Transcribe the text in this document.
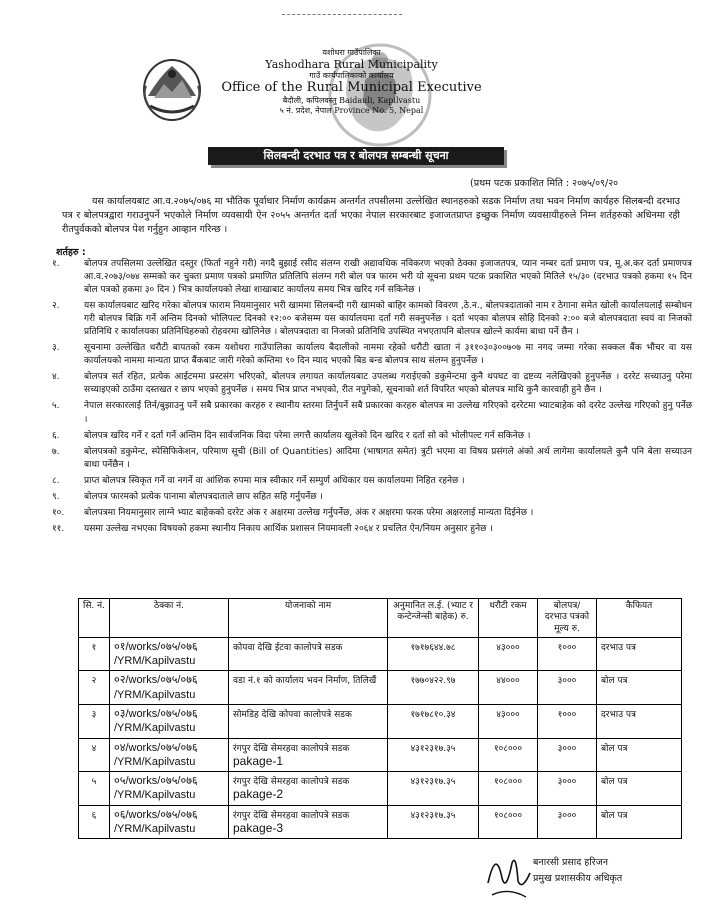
यशोधरा गाउँपालिका
Yashodhara Rural Municipality
गाउँ कार्यपालिकाको कार्यालय
Office of the Rural Municipal Executive
बैदौली, कपिलवस्तु Baidauli, Kapilvastu
५ नं. प्रदेश, नेपाल Province No. 5, Nepal
सिलबन्दी दरभाउ पत्र र बोलपत्र सम्बन्धी सूचना
(प्रथम पटक प्रकाशित मिति : २०७५/०९/२०
यस कार्यालयबाट आ.व.२०७५/०७६ मा भौतिक पूर्वाधार निर्माण कार्यक्रम अन्तर्गत तपसीलमा उल्लेखित स्थानहरुको सडक निर्माण तथा भवन निर्माण कार्यहरु सिलबन्दी दरभाउ पत्र र बोलपत्रद्वारा गराउनुपर्ने भएकोले निर्माण व्यवसायी ऐन २०५५ अन्तर्गत दर्ता भएका नेपाल सरकारबाट इजाजतप्राप्त इच्छुक निर्माण व्यवसायीहरुले निम्न शर्तहरुको अधिनमा रही रीतपुर्वकको बोलपत्र पेश गर्नुहुन आव्हान गरिन्छ ।
शर्तहरु :
१.	बोलपत्र तपसिलमा उल्लेखित दस्तुर (फिर्ता नहुने गरी) नगदै बुझाई रसीद संलग्न राखी अद्यावधिक नविकरण भएको ठेक्का इजाजतपत्र, प्यान नम्बर दर्ता प्रमाण पत्र, मू.अ.कर दर्ता प्रमाणपत्र आ.व.२०७३/०७४ सम्मको कर चुक्ता प्रमाण पत्रको प्रमाणित प्रतिलिपि संलग्न गरी बोल पत्र फारम भरी यो सूचना प्रथम पटक प्रकाशित भएको मितिले १५/३० (दरभाउ पत्रको हकमा १५ दिन बोल पत्रको हकमा ३० दिन ) भित्र कार्यालयको लेखा शाखाबाट कार्यालय समय भित्र खरिद गर्न सकिनेछ ।
२.	यस कार्यालयबाट खरिद गरेका बोलपत्र फाराम नियमानुसार भरी खाममा सिलबन्दी गरी खामको बाहिर कामको विवरण ,ठे.न., बोलपत्रदाताको नाम र ठेगाना समेत खोली कार्यालयलाई सम्बोधन गरी बोलपत्र बिक्रि गर्ने अन्तिम दिनको भोलिपल्ट दिनको १२:०० बजेसम्म यस कार्यालयमा दर्ता गरी सक्नुपर्नेछ । दर्ता भएका बोलपत्र सोहि दिनकाे २:०० बजे बोलपत्रदाता स्वयं वा निजको प्रतिनिधि र कार्यालयका प्रतिनिधिहरुको रोहवरमा खोलिनेछ । बोलपत्रदाता वा निजको प्रतिनिधि उपस्थित नभएतापनि बोलपत्र खोल्ने कार्यमा बाधा पर्ने छैन ।
३.	सूचनामा उल्लेखित धरौटी बापतको रकम यशोधरा गाउँपालिका कार्यालय बैदालीको नाममा रहेको धरौटी खाता नं ३११०३०३००७०७ मा नगद जम्मा गरेका सक्कल बैंक भौचर वा यस कार्यालयको नाममा मान्यता प्राप्त बैंकबाट जारी गरेको कम्तिमा ९० दिन म्याद भएको बिड बन्ड बोलपत्र साथ संलग्न हुनुपर्नेछ ।
४.	बोलपत्र सर्त रहित, प्रत्येक आईटममा प्रस्टसंग भरिएको, बोलपत्र लगायत कार्यालयबाट उपलब्ध गराईएको डकुमेन्टमा कुनै थपघट वा द्रष्टव्य नलेखिएको हुनुपर्नेछ । दररेट सच्याउनु परेमा सच्याइएको ठाउँमा दस्तखत र छाप भएको हुनुपर्नेछ । समय भित्र प्राप्त नभएको, रीत नपुगेको, सूचनाको शर्त विपरित भएको बोलपत्र माथि कुनै कारवाही हुने छैन ।
५.	नेपाल सरकारलाई तिर्न/बुझाउनु पर्ने सबै प्रकारका करहरु र स्थानीय स्तरमा तिर्नुपर्ने सबै प्रकारका करहरु बोलपत्र मा उल्लेख गरिएको दररेटमा भ्याटबाहेक को दररेट उल्लेख गरिएको हुनु पर्नेछ ।
६.	बोलपत्र खरिद गर्ने र दर्ता गर्ने अन्तिम दिन सार्वजनिक विदा परेमा लगत्तै कार्यालय खुलेको दिन खरिद र दर्ता सो को भोलीपल्ट गर्न सकिनेछ ।
७.	बोलपत्रको डकुमेन्ट, स्पेसिफिकेशन, परिमाण सूची (Bill of Quantities) आदिमा (भाषागत समेत) त्रुटी भएमा वा विषय प्रसंगले अंकाे अर्थ लागेमा कार्यालयले कुनै पनि बेला सच्याउन बाधा पर्नेछैन ।
८.	प्राप्त बोलपत्र स्विकृत गर्ने वा नगर्ने वा आंशिक रुपमा मात्र स्वीकार गर्ने सम्पुर्ण अधिकार यस कार्यालयमा निहित रहनेछ ।
९.	बोलपत्र फारमको प्रत्येक पानामा बोलपत्रदाताले छाप सहित सहि गर्नुपर्नेछ ।
१०.	बोलपत्रमा नियमानुसार लाग्ने भ्याट बाहेकको दररेट अंक र अक्षरमा उल्लेख गर्नुपर्नेछ, अंक र अक्षरमा फरक परेमा अक्षरलाई मान्यता दिईनेछ ।
११.	यसमा उल्लेख नभएका विषयको हकमा स्थानीय निकाय आर्थिक प्रशासन नियमावली २०६४ र प्रचलित ऐन/नियम अनुसार हुनेछ ।
सि. नं.	ठेक्का नं.	योजनाको नाम	अनुमानित ल.ई. (भ्याट र कन्टेन्जेन्सी बाहेक) रु.	धरौटी रकम	बोलपत्र/ दरभाउ पत्रको मूल्य रु.	कैफियत
१	०१/works/०७५/०७६ /YRM/Kapilvastu	कोपवा देखि ईटवा कालोपत्रे सडक	१७१७६४४.७८	४३०००	१०००	दरभाउ पत्र
२	०२/works/०७५/०७६ /YRM/Kapilvastu	वडा नं.१ को कार्यालय भवन निर्माण, तिलिखैं	१७७०४२२.९७	४४०००	३०००	बोल पत्र
३	०३/works/०७५/०७६ /YRM/Kapilvastu	सोमडिह देखि कोपवा कालोपत्रे सडक	१७१७८१०.३४	४३०००	१०००	दरभाउ पत्र
४	०४/works/०७५/०७६ /YRM/Kapilvastu	रंगपुर देखि सेमरहवा कालोपत्रे सडक
pakage-1	४३१२३१७.३५	१०८०००	३०००	बोल पत्र
५	०५/works/०७५/०७६ /YRM/Kapilvastu	रंगपुर देखि सेमरहवा कालोपत्रे सडक
pakage-2	४३१२३१७.३५	१०८०००	३०००	बोल पत्र
६	०६/works/०७५/०७६ /YRM/Kapilvastu	रंगपुर देखि सेमरहवा कालोपत्रे सडक
pakage-3	४३१२३१७.३५	१०८०००	३०००	बोल पत्र
बनारसी प्रसाद हरिजन
प्रमुख प्रशासकीय अधिकृत
